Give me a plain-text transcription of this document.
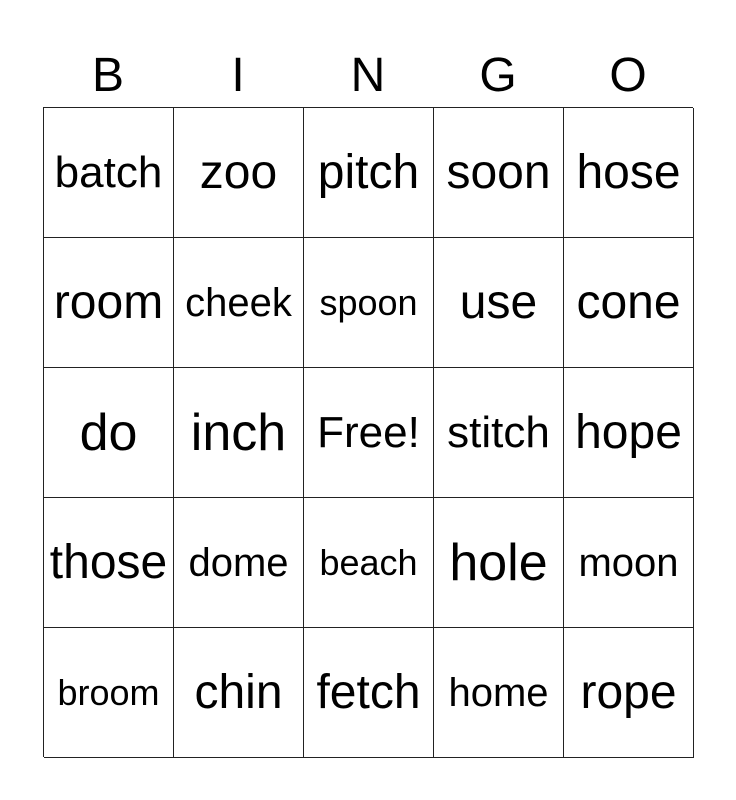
B	I	N	G	O
batch zoo pitch soon hose
room cheek spoon use cone
do	inch Free! stitch hope
those dome beach hole moon
broom chin fetch home rope
